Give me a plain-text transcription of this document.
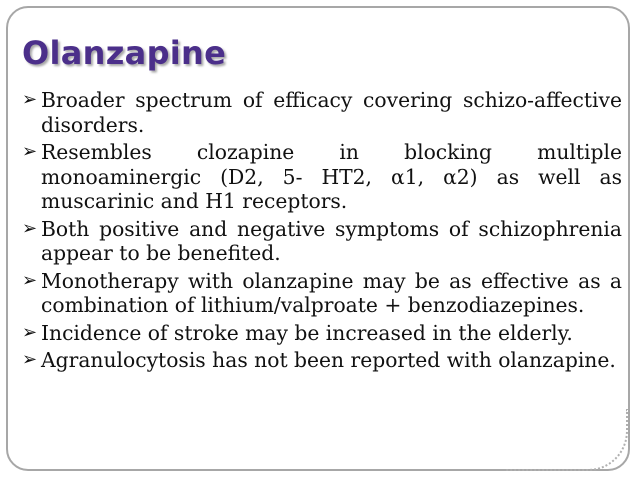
Olanzapine
➢ Broader spectrum of efficacy covering schizo-affective disorders.
➢ Resembles clozapine in blocking multiple monoaminergic (D2, 5- HT2, α1, α2) as well as muscarinic and H1 receptors.
➢ Both positive and negative symptoms of schizophrenia appear to be benefited.
➢ Monotherapy with olanzapine may be as effective as a combination of lithium/valproate + benzodiazepines.
➢ Incidence of stroke may be increased in the elderly.
➢ Agranulocytosis has not been reported with olanzapine.
